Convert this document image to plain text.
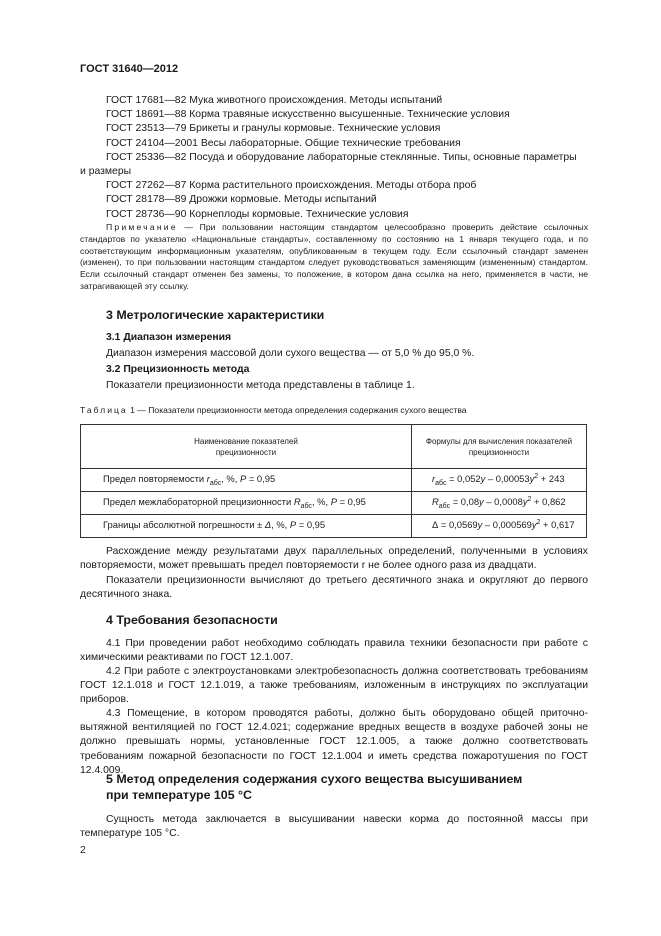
ГОСТ 31640—2012
ГОСТ 17681—82 Мука животного происхождения. Методы испытаний
ГОСТ 18691—88 Корма травяные искусственно высушенные. Технические условия
ГОСТ 23513—79 Брикеты и гранулы кормовые. Технические условия
ГОСТ 24104—2001 Весы лабораторные. Общие технические требования
ГОСТ 25336—82 Посуда и оборудование лабораторные стеклянные. Типы, основные параметры
и размеры
ГОСТ 27262—87 Корма растительного происхождения. Методы отбора проб
ГОСТ 28178—89 Дрожжи кормовые. Методы испытаний
ГОСТ 28736—90 Корнеплоды кормовые. Технические условия
Примечание — При пользовании настоящим стандартом целесообразно проверить действие ссылочных стандартов по указателю «Национальные стандарты», составленному по состоянию на 1 января текущего года, и по соответствующим информационным указателям, опубликованным в текущем году. Если ссылочный стандарт заменен (изменен), то при пользовании настоящим стандартом следует руководствоваться заменяющим (измененным) стандартом. Если ссылочный стандарт отменен без замены, то положение, в котором дана ссылка на него, применяется в части, не затрагивающей эту ссылку.
3 Метрологические характеристики
3.1 Диапазон измерения
Диапазон измерения массовой доли сухого вещества — от 5,0 % до 95,0 %.
3.2 Прецизионность метода
Показатели прецизионности метода представлены в таблице 1.
Таблица 1 — Показатели прецизионности метода определения содержания сухого вещества
Наименование показателей прецизионности	Формулы для вычисления показателей прецизионности

Предел повторяемости $r_{абс}$, %, P = 0,95	$r_{абс} = 0,052y - 0,00053y^2 + 243$
Предел межлабораторной прецизионности $R_{абс}$, %, P = 0,95	$R_{абс} = 0,08y - 0,0008y^2 + 0,862$
Границы абсолютной погрешности ± Δ, %, P = 0,95	$\Delta = 0,0569y - 0,000569y^2 + 0,617$
Расхождение между результатами двух параллельных определений, полученными в условиях повторяемости, может превышать предел повторяемости r не более одного раза из двадцати.
Показатели прецизионности вычисляют до третьего десятичного знака и округляют до первого десятичного знака.
4 Требования безопасности
4.1 При проведении работ необходимо соблюдать правила техники безопасности при работе с химическими реактивами по ГОСТ 12.1.007.
4.2 При работе с электроустановками электробезопасность должна соответствовать требованиям ГОСТ 12.1.018 и ГОСТ 12.1.019, а также требованиям, изложенным в инструкциях по эксплуатации приборов.
4.3 Помещение, в котором проводятся работы, должно быть оборудовано общей приточно-вытяжной вентиляцией по ГОСТ 12.4.021; содержание вредных веществ в воздухе рабочей зоны не должно превышать нормы, установленные ГОСТ 12.1.005, а также должно соответствовать требованиям пожарной безопасности по ГОСТ 12.1.004 и иметь средства пожаротушения по ГОСТ 12.4.009.
5 Метод определения содержания сухого вещества высушиванием
при температуре 105 °С
Сущность метода заключается в высушивании навески корма до постоянной массы при температуре 105 °С.
2
